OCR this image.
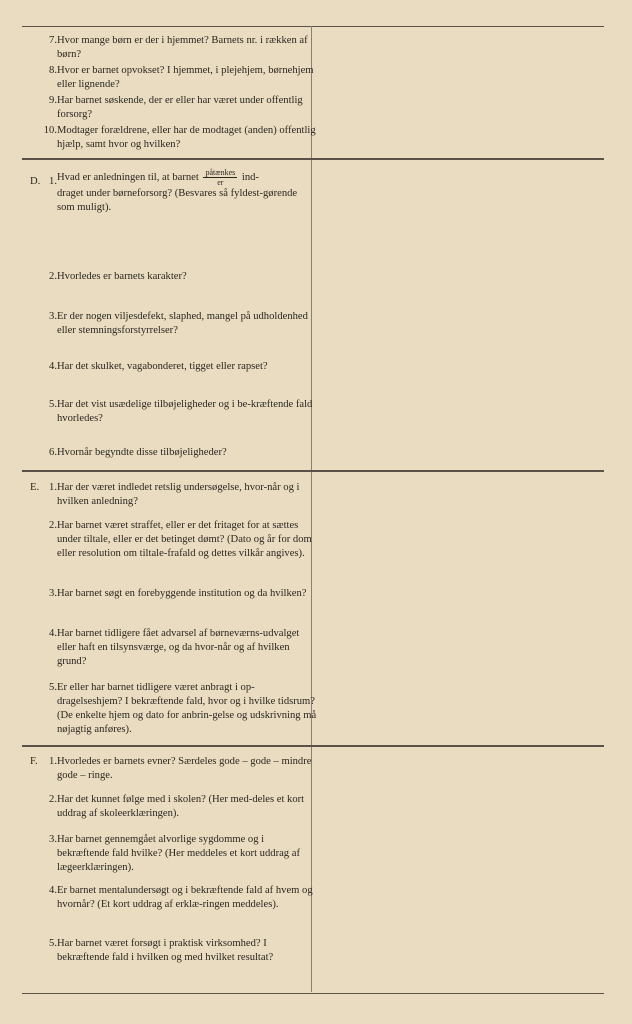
7. Hvor mange børn er der i hjemmet? Barnets nr. i rækken af børn?
8. Hvor er barnet opvokset? I hjemmet, i plejehjem, børnehjem eller lignende?
9. Har barnet søskende, der er eller har været under offentlig forsorg?
10. Modtager forældrene, eller har de modtaget (anden) offentlig hjælp, samt hvor og hvilken?
D. 1. Hvad er anledningen til, at barnet $\frac{\text{påtænkes}}{er} ind-$
draget under børneforsorg? (Besvares så fyldest-gørende som muligt).
2. Hvorledes er barnets karakter?
3. Er der nogen viljesdefekt, slaphed, mangel på udholdenhed eller stemningsforstyrrelser?
4. Har det skulket, vagabonderet, tigget eller rapset?
5. Har det vist usædelige tilbøjeligheder og i be-kræftende fald hvorledes?
6. Hvornår begyndte disse tilbøjeligheder?
E. 1. Har der været indledet retslig undersøgelse, hvor-når og i hvilken anledning?
2. Har barnet været straffet, eller er det fritaget for at sættes under tiltale, eller er det betinget dømt? (Dato og år for dom eller resolution om tiltale-frafald og dettes vilkår angives).
3. Har barnet søgt en forebyggende institution og da hvilken?
4. Har barnet tidligere fået advarsel af børneværns-udvalget eller haft en tilsynsværge, og da hvor-når og af hvilken grund?
5. Er eller har barnet tidligere været anbragt i op-dragelseshjem? I bekræftende fald, hvor og i hvilke tidsrum? (De enkelte hjem og dato for anbrin-gelse og udskrivning må nøjagtig anføres).
F.	1. Hvorledes er barnets evner? Særdeles gode – gode – mindre gode – ringe.
2. Har det kunnet følge med i skolen? (Her med-deles et kort uddrag af skoleerklæringen).
3. Har barnet gennemgået alvorlige sygdomme og i bekræftende fald hvilke? (Her meddeles et kort uddrag af lægeerklæringen).
4. Er barnet mentalundersøgt og i bekræftende fald af hvem og hvornår? (Et kort uddrag af erklæ-ringen meddeles).
5. Har barnet været forsøgt i praktisk virksomhed? I bekræftende fald i hvilken og med hvilket resultat?
